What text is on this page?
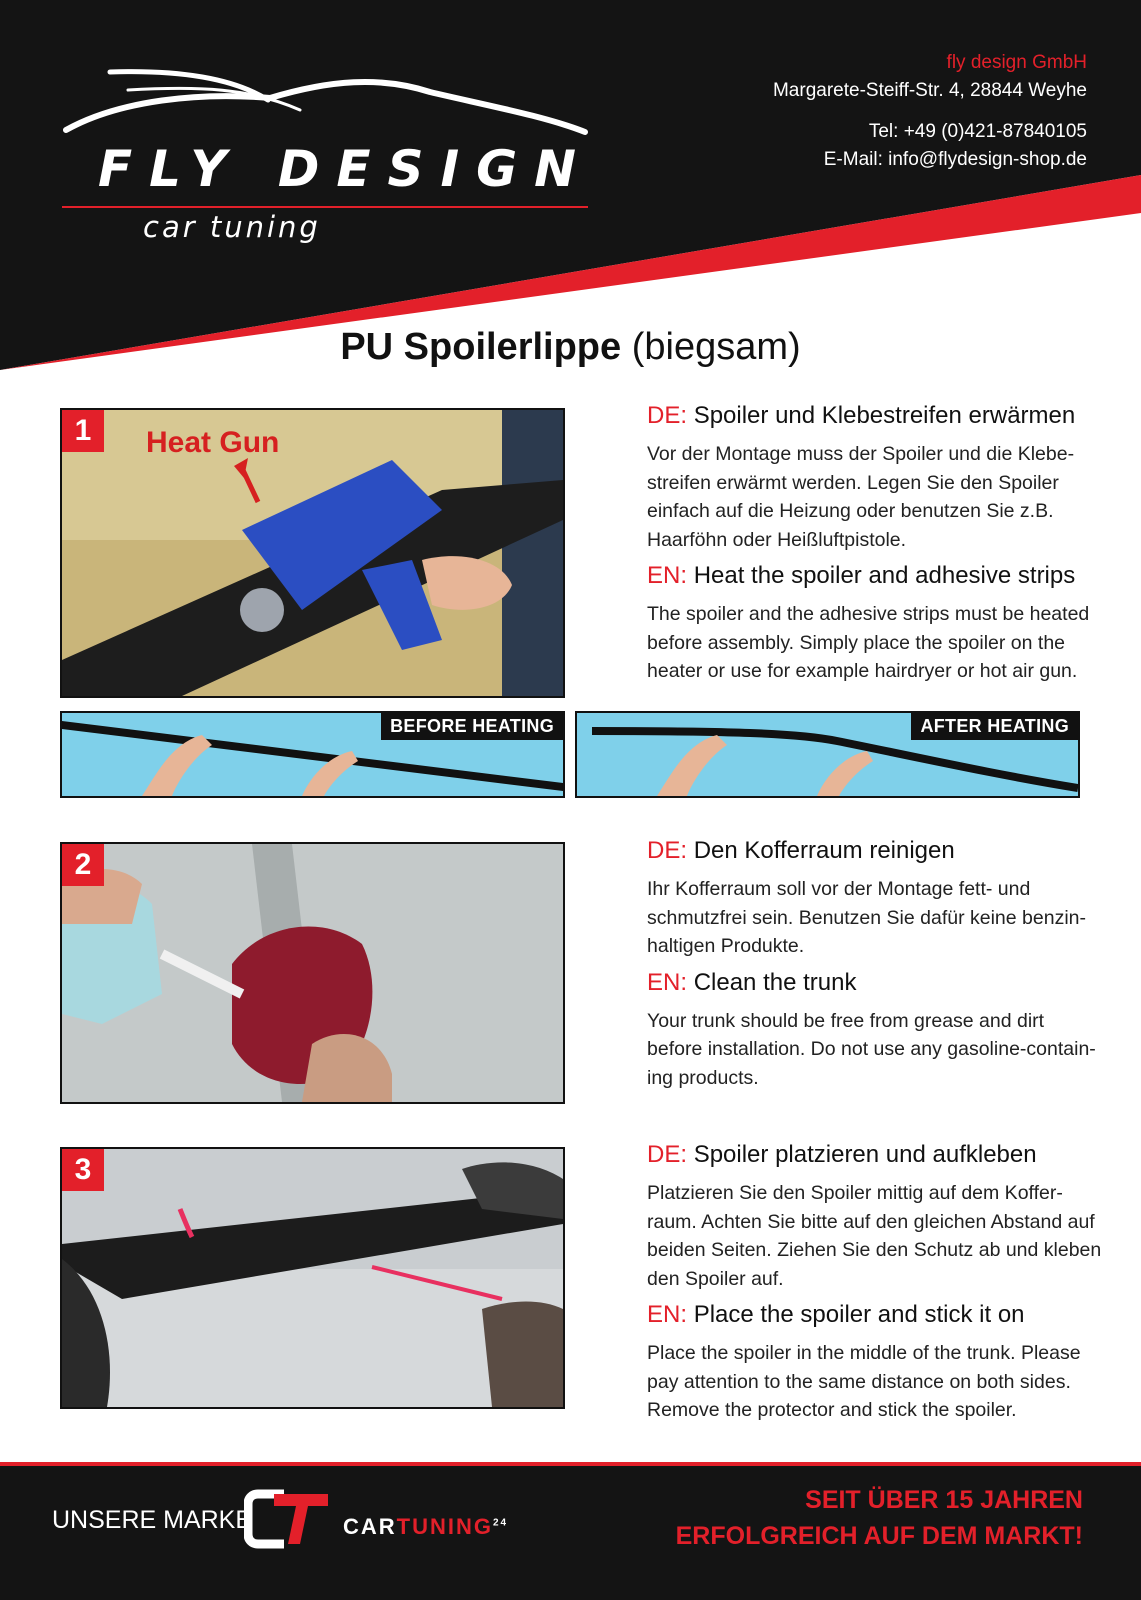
FLY DESIGN
car tuning
fly design GmbH
Margarete-Steiff-Str. 4, 28844 Weyhe
Tel: +49 (0)421-87840105
E-Mail: info@flydesign-shop.de
PU Spoilerlippe (biegsam)
Heat Gun
1
BEFORE HEATING	AFTER HEATING
2
3
DE: Spoiler und Klebestreifen erwärmen
Vor der Montage muss der Spoiler und die Klebe-
streifen erwärmt werden. Legen Sie den Spoiler
einfach auf die Heizung oder benutzen Sie z.B.
Haarföhn oder Heißluftpistole.
EN: Heat the spoiler and adhesive strips
The spoiler and the adhesive strips must be heated
before assembly. Simply place the spoiler on the
heater or use for example hairdryer or hot air gun.
DE: Den Kofferraum reinigen
Ihr Kofferraum soll vor der Montage fett- und
schmutzfrei sein. Benutzen Sie dafür keine benzin-
haltigen Produkte.
EN: Clean the trunk
Your trunk should be free from grease and dirt
before installation. Do not use any gasoline-contain-
ing products.
DE: Spoiler platzieren und aufkleben
Platzieren Sie den Spoiler mittig auf dem Koffer-
raum. Achten Sie bitte auf den gleichen Abstand auf
beiden Seiten. Ziehen Sie den Schutz ab und kleben
den Spoiler auf.
EN: Place the spoiler and stick it on
Place the spoiler in the middle of the trunk. Please
pay attention to the same distance on both sides.
Remove the protector and stick the spoiler.
UNSERE MARKE	CARTUNING$^{24}$
SEIT ÜBER 15 JAHREN
ERFOLGREICH AUF DEM MARKT!
